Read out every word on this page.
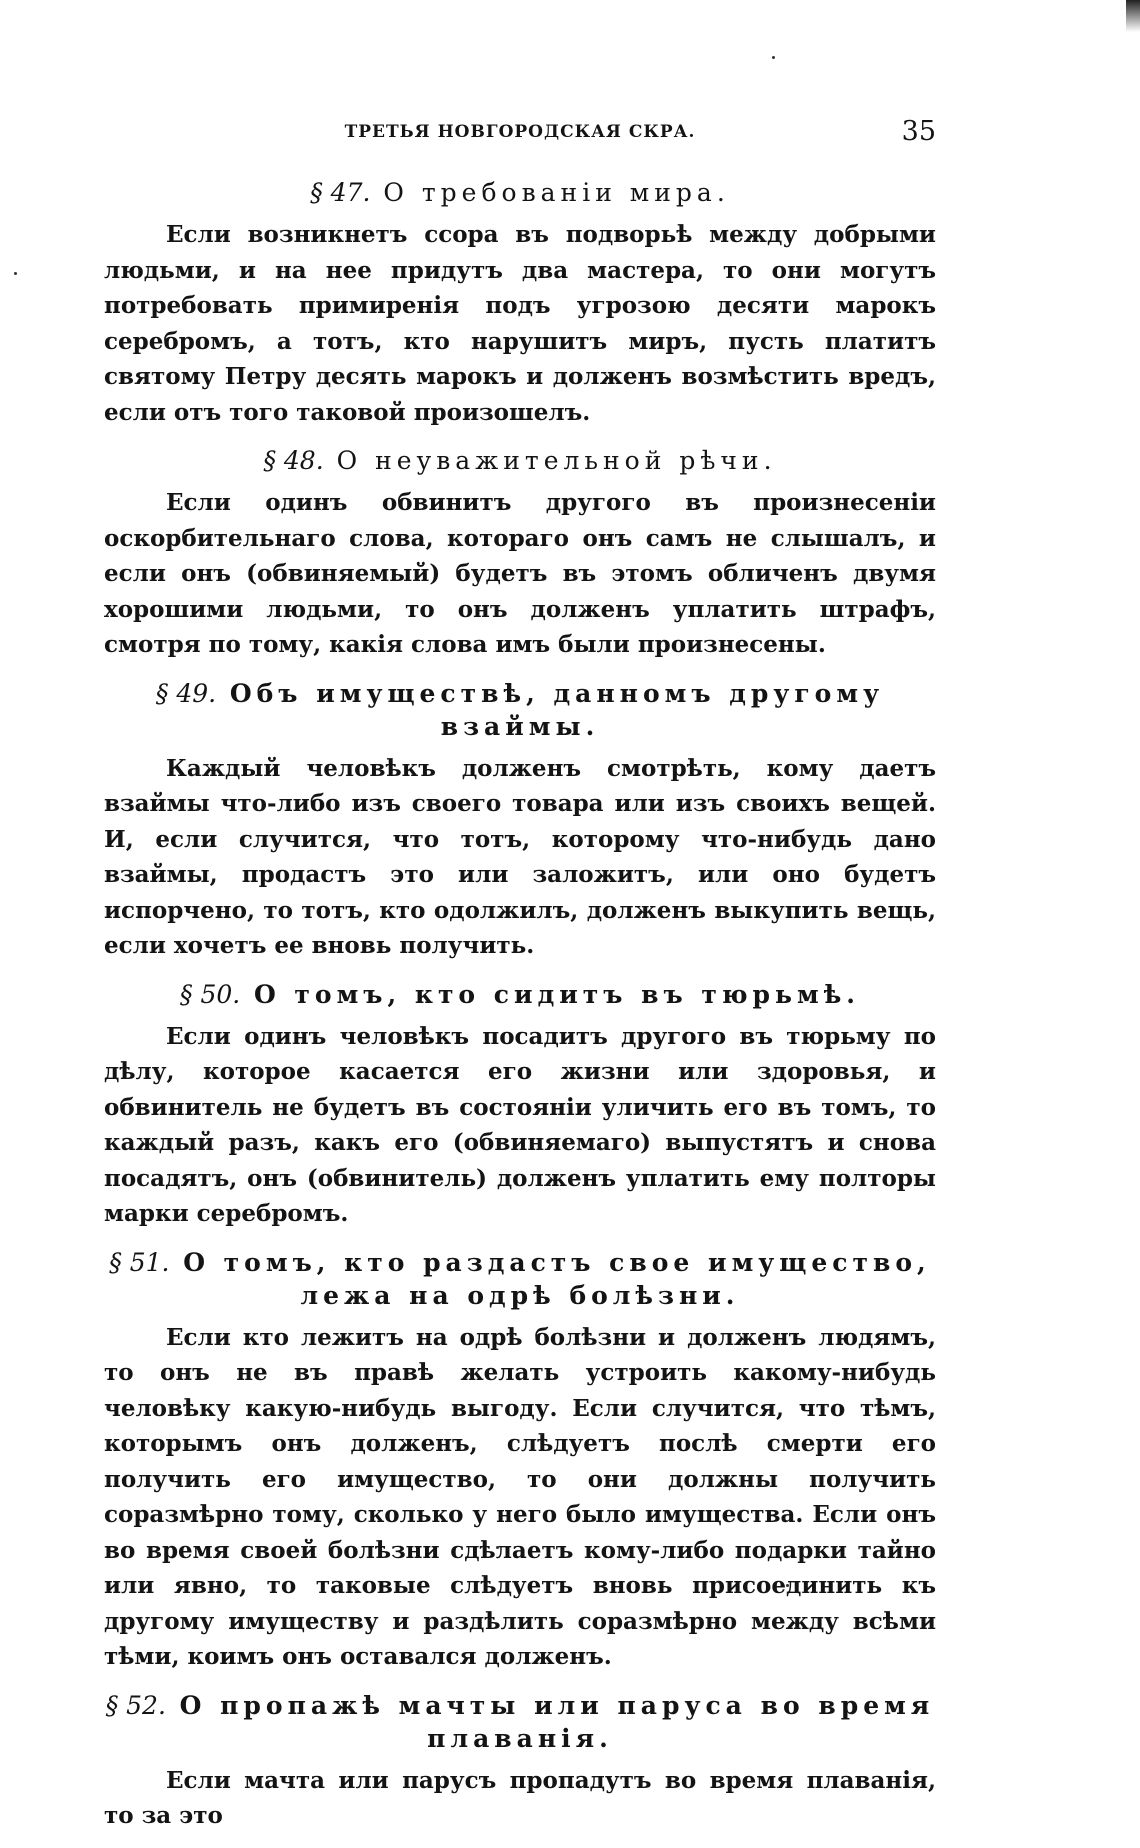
ТРЕТЬЯ НОВГОРОДСКАЯ СКРА.	35

§ 47. О требованіи мира.

Если возникнетъ ссора въ подворьѣ между добрыми людьми, и на нее придутъ два мастера, то они могутъ потребовать примиренія подъ угрозою десяти марокъ серебромъ, а тотъ, кто нарушитъ миръ, пусть платитъ святому Петру десять марокъ и долженъ возмѣстить вредъ, если отъ того таковой произошелъ.

§ 48. О неуважительной рѣчи.

Если одинъ обвинитъ другого въ произнесеніи оскорбительнаго слова, котораго онъ самъ не слышалъ, и если онъ (обвиняемый) будетъ въ этомъ обличенъ двумя хорошими людьми, то онъ долженъ уплатить штрафъ, смотря по тому, какія слова имъ были произнесены.

§ 49. Объ имуществѣ, данномъ другому взаймы.

Каждый человѣкъ долженъ смотрѣть, кому даетъ взаймы что-либо изъ своего товара или изъ своихъ вещей. И, если случится, что тотъ, которому что-нибудь дано взаймы, продастъ это или заложитъ, или оно будетъ испорчено, то тотъ, кто одолжилъ, долженъ выкупить вещь, если хочетъ ее вновь получить.

§ 50. О томъ, кто сидитъ въ тюрьмѣ.

Если одинъ человѣкъ посадитъ другого въ тюрьму по дѣлу, которое касается его жизни или здоровья, и обвинитель не будетъ въ состояніи уличить его въ томъ, то каждый разъ, какъ его (обвиняемаго) выпустятъ и снова посадятъ, онъ (обвинитель) долженъ уплатить ему полторы марки серебромъ.

§ 51. О томъ, кто раздастъ свое имущество, лежа на одрѣ болѣзни.

Если кто лежитъ на одрѣ болѣзни и долженъ людямъ, то онъ не въ правѣ желать устроить какому-нибудь человѣку какую-нибудь выгоду. Если случится, что тѣмъ, которымъ онъ долженъ, слѣдуетъ послѣ смерти его получить его имущество, то они должны получить соразмѣрно тому, сколько у него было имущества. Если онъ во время своей болѣзни сдѣлаетъ кому-либо подарки тайно или явно, то таковые слѣдуетъ вновь присоединить къ другому имуществу и раздѣлить соразмѣрно между всѣми тѣми, коимъ онъ оставался долженъ.

§ 52. О пропажѣ мачты или паруса во время плаванія.

Если мачта или парусъ пропадутъ во время плаванія, то за это
